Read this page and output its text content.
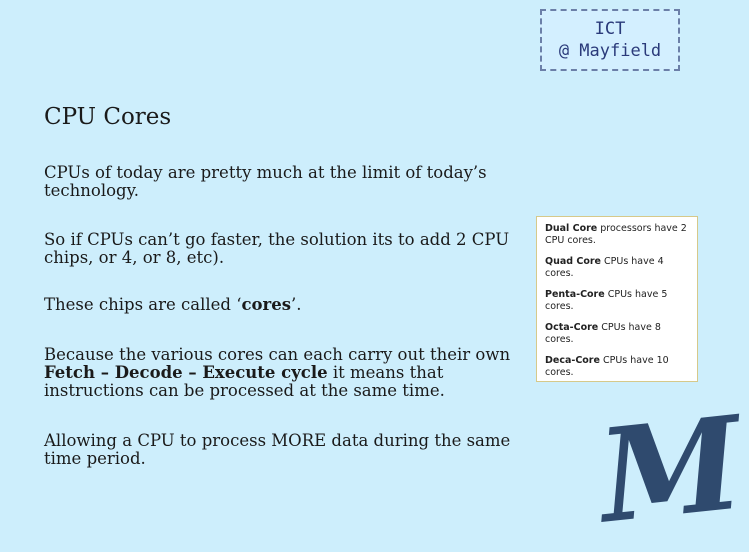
ICT
@ Mayfield
CPU Cores

CPUs of today are pretty much at the limit of today’s technology.

So if CPUs can’t go faster, the solution its to add 2 CPU chips, or 4, or 8, etc).

These chips are called ‘cores’.

Because the various cores can each carry out their own Fetch – Decode – Execute cycle it means that instructions can be processed at the same time.

Allowing a CPU to process MORE data during the same time period.

Dual Core processors have 2 CPU cores.
Quad Core CPUs have 4 cores.
Penta-Core CPUs have 5 cores.
Octa-Core CPUs have 8 cores.
Deca-Core CPUs have 10 cores.
M
